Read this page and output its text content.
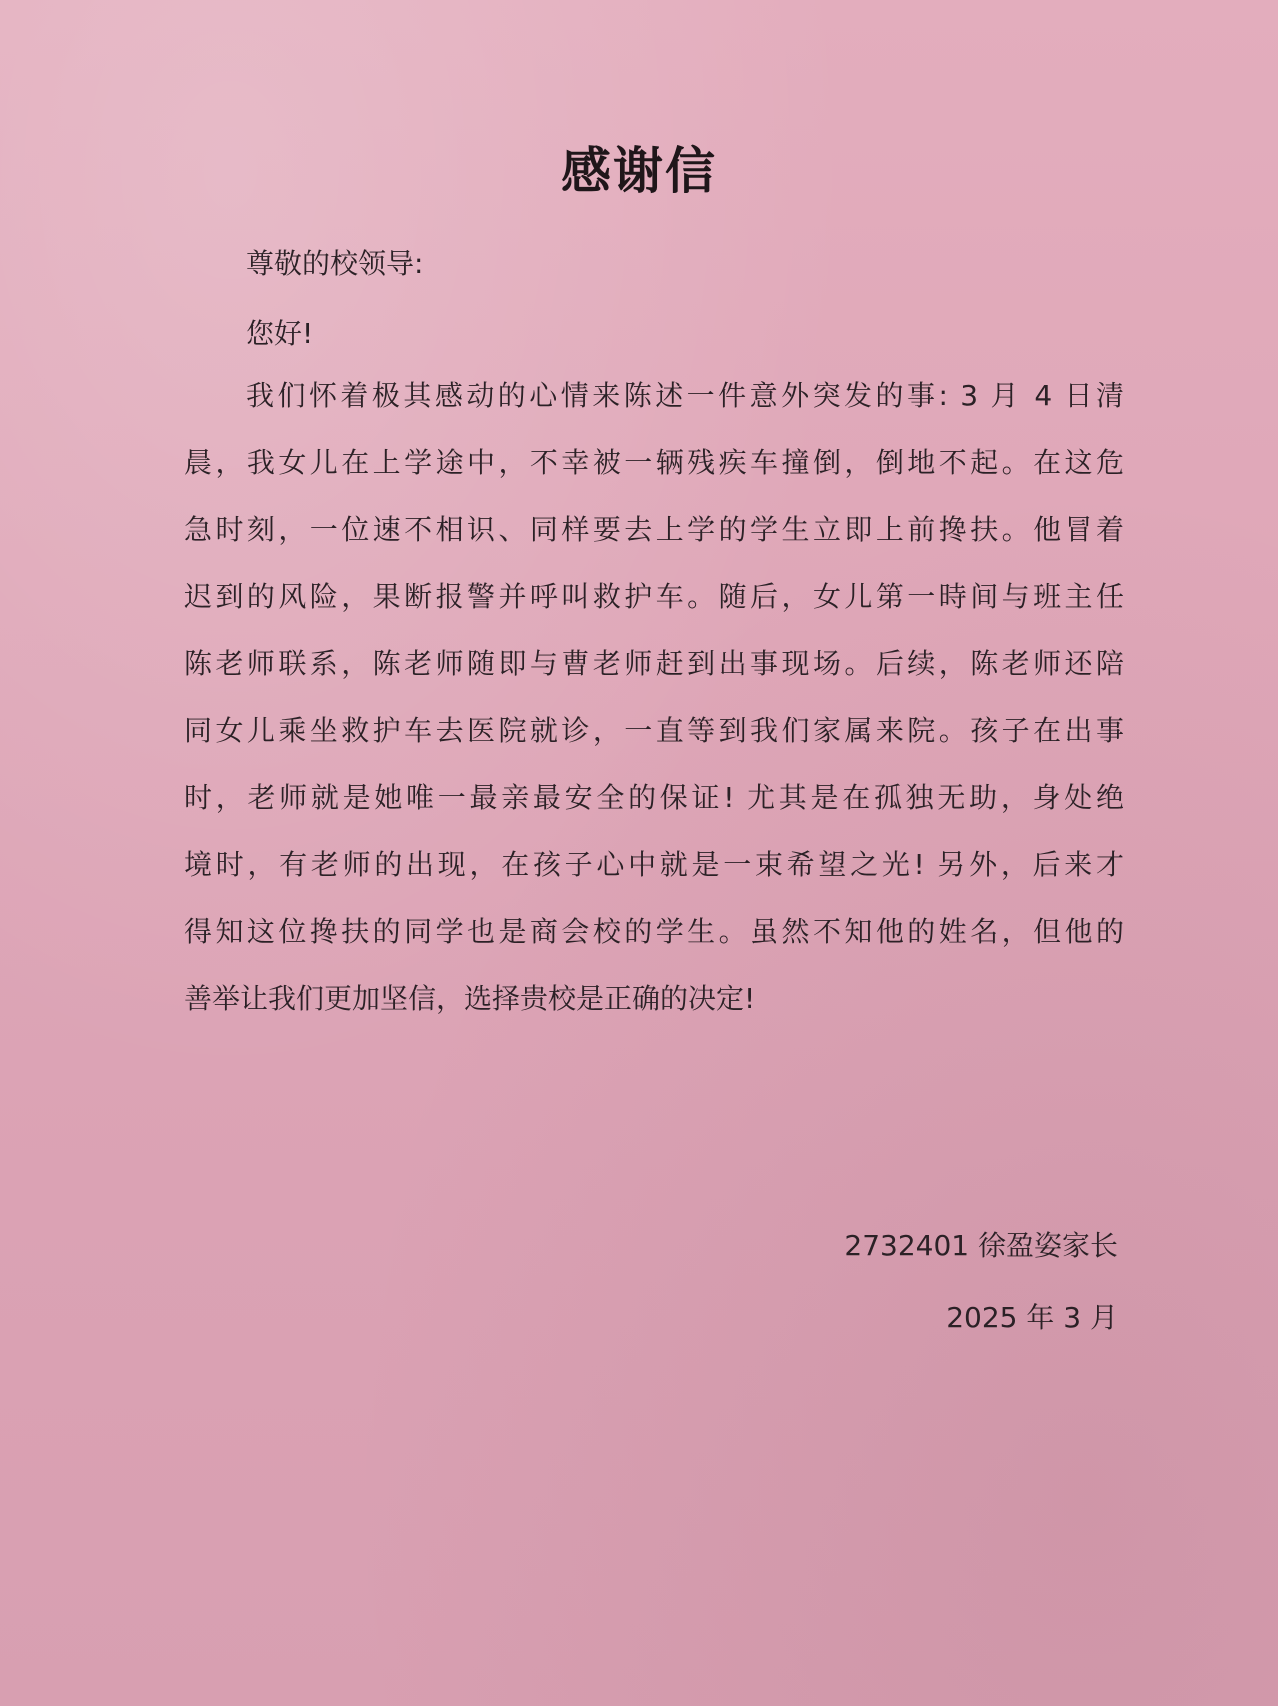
感谢信
尊敬的校领导:
您好!
我们怀着极其感动的心情来陈述一件意外突发的事: 3 月 4 日清
晨，我女儿在上学途中，不幸被一辆残疾车撞倒，倒地不起。在这危
急时刻，一位速不相识、同样要去上学的学生立即上前搀扶。他冒着
迟到的风险，果断报警并呼叫救护车。随后，女儿第一時间与班主任
陈老师联系，陈老师随即与曹老师赶到出事现场。后续，陈老师还陪
同女儿乘坐救护车去医院就诊，一直等到我们家属来院。孩子在出事
时，老师就是她唯一最亲最安全的保证! 尤其是在孤独无助，身处绝
境时，有老师的出现，在孩子心中就是一束希望之光! 另外，后来才
得知这位搀扶的同学也是商会校的学生。虽然不知他的姓名，但他的
善举让我们更加坚信，选择贵校是正确的决定!
2732401 徐盈姿家长
2025 年 3 月
